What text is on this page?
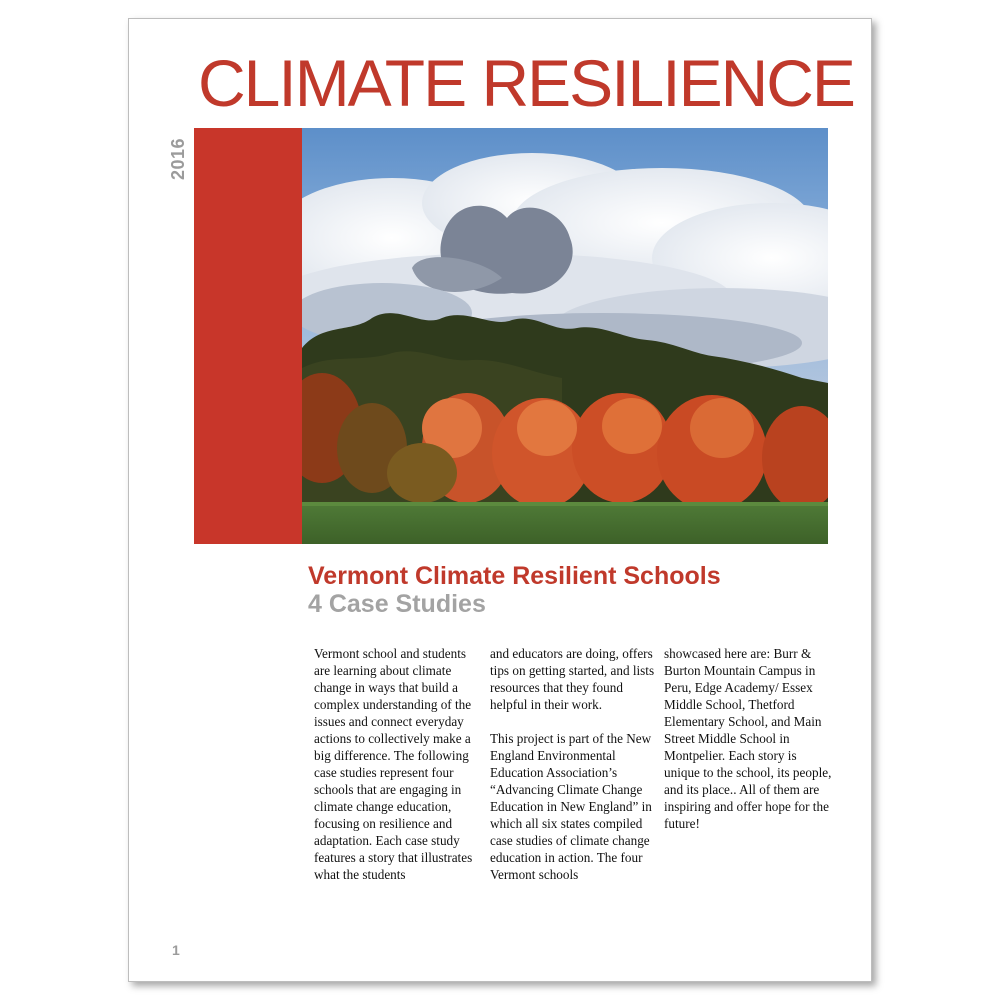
CLIMATE RESILIENCE
2016
Vermont Climate Resilient Schools
4 Case Studies

Vermont school and students are learning about climate change in ways that build a complex understanding of the issues and connect everyday actions to collectively make a big difference. The following case studies represent four schools that are engaging in climate change education, focusing on resilience and adaptation. Each case study features a story that illustrates what the students

and educators are doing, offers tips on getting started, and lists resources that they found helpful in their work.

This project is part of the New England Environmental Education Association’s “Advancing Climate Change Education in New England” in which all six states compiled case studies of climate change education in action. The four Vermont schools

showcased here are: Burr & Burton Mountain Campus in Peru, Edge Academy/ Essex Middle School, Thetford Elementary School, and Main Street Middle School in Montpelier. Each story is unique to the school, its people, and its place.. All of them are inspiring and offer hope for the future!

1
